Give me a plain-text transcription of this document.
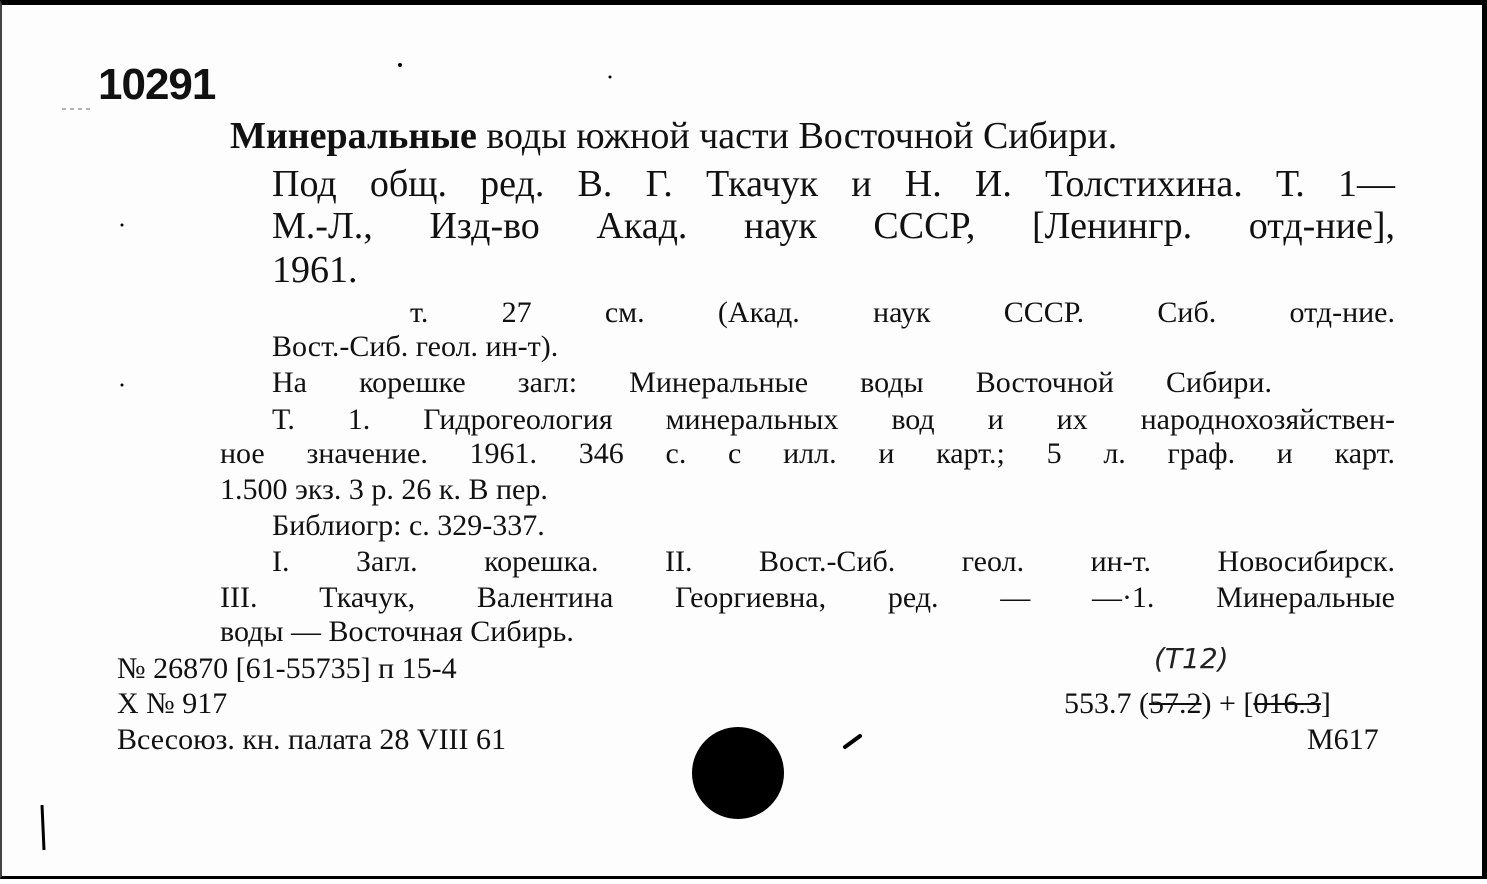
10291
Минеральные воды южной части Восточной Сибири.
Под общ. ред. В. Г. Ткачук и Н. И. Толстихина. Т. 1—
М.-Л., Изд-во Акад. наук СССР, [Ленингр. отд-ние],
1961.
т. 27 см. (Акад. наук СССР. Сиб. отд-ние.
Вост.-Сиб. геол. ин-т).
На корешке загл: Минеральные воды Восточной Сибири.
Т. 1. Гидрогеология минеральных вод и их народнохозяйствен-
ное значение. 1961. 346 с. с илл. и карт.; 5 л. граф. и карт.
1.500 экз. 3 р. 26 к. В пер.
Библиогр: с. 329-337.
I. Загл. корешка. II. Вост.-Сиб. геол. ин-т. Новосибирск.
III. Ткачук, Валентина Георгиевна, ред. — —·1. Минеральные
воды — Восточная Сибирь.
№ 26870 [61-55735] п 15-4
Х № 917
Всесоюз. кн. палата 28 VIII 61
(Т12)
553.7 (57.2) + [016.3]
М617
